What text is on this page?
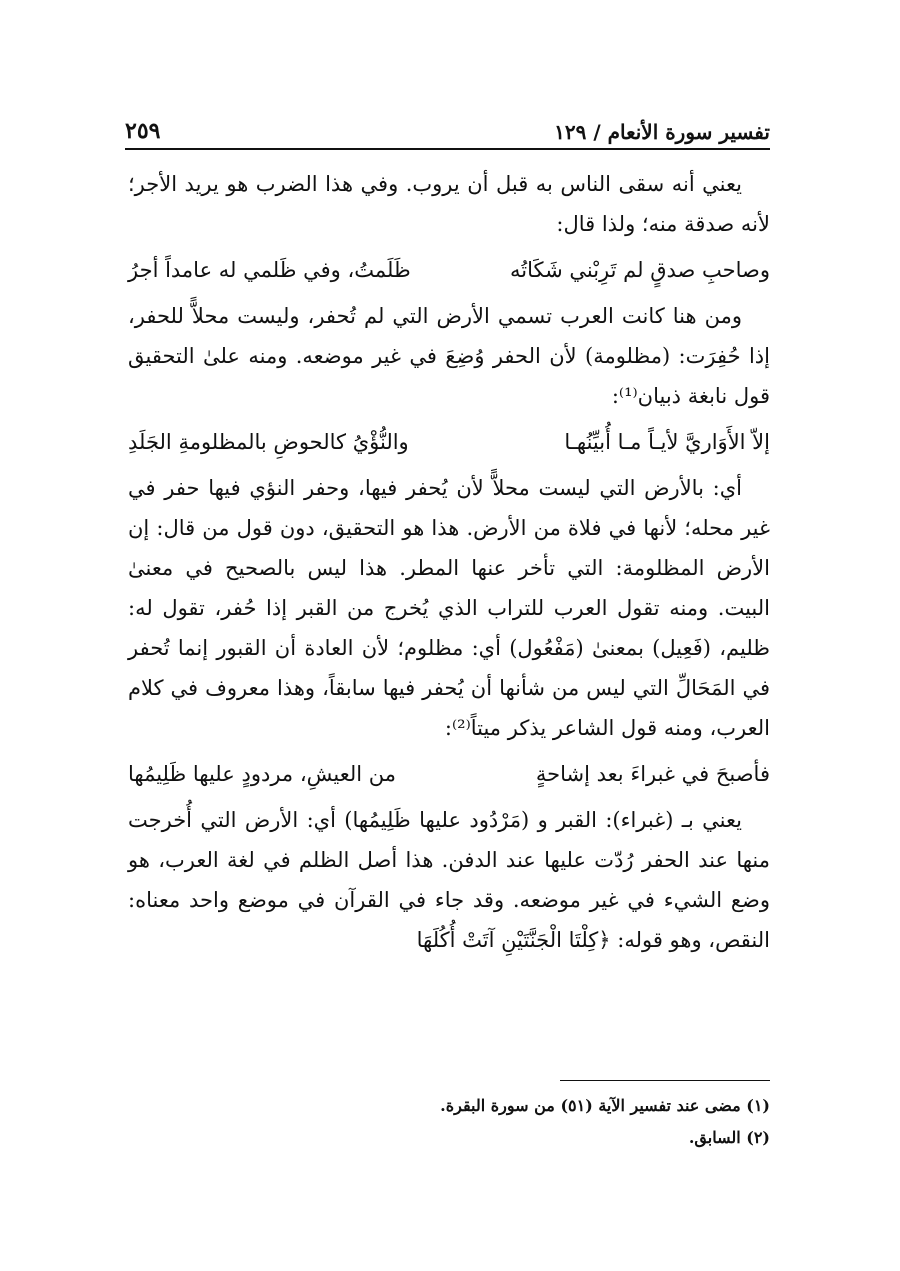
٢٥٩	تفسير سورة الأنعام / ١٢٩

يعني أنه سقى الناس به قبل أن يروب. وفي هذا الضرب هو يريد الأجر؛ لأنه صدقة منه؛ ولذا قال:

وصاحبِ صدقٍ لم تَرِبْني شَكَاتُه
ظَلَمتُ، وفي ظَلمي له عامداً أجرُ

ومن هنا كانت العرب تسمي الأرض التي لم تُحفر، وليست محلاًّ للحفر، إذا حُفِرَت: (مظلومة) لأن الحفر وُضِعَ في غير موضعه. ومنه علىٰ التحقيق قول نابغة ذبيان⁽¹⁾:

إلاّ الأَوَاريَّ لأيـاً مـا أُبيِّنُهـا
والنُّؤْيُ كالحوضِ بالمظلومةِ الجَلَدِ

أي: بالأرض التي ليست محلاًّ لأن يُحفر فيها، وحفر النؤي فيها حفر في غير محله؛ لأنها في فلاة من الأرض. هذا هو التحقيق، دون قول من قال: إن الأرض المظلومة: التي تأخر عنها المطر. هذا ليس بالصحيح في معنىٰ البيت. ومنه تقول العرب للتراب الذي يُخرج من القبر إذا حُفر، تقول له: ظليم، (فَعِيل) بمعنىٰ (مَفْعُول) أي: مظلوم؛ لأن العادة أن القبور إنما تُحفر في المَحَالِّ التي ليس من شأنها أن يُحفر فيها سابقاً، وهذا معروف في كلام العرب، ومنه قول الشاعر يذكر ميتاً⁽²⁾:

فأصبحَ في غبراءَ بعد إشاحةٍ
من العيشِ، مردودٍ عليها ظَلِيمُها

يعني بـ (غبراء): القبر و (مَرْدُود عليها ظَلِيمُها) أي: الأرض التي أُخرجت منها عند الحفر رُدّت عليها عند الدفن. هذا أصل الظلم في لغة العرب، هو وضع الشيء في غير موضعه. وقد جاء في القرآن في موضع واحد معناه: النقص، وهو قوله: ﴿كِلْتَا الْجَنَّتَيْنِ آتَتْ أُكُلَهَا

(١) مضى عند تفسير الآية (٥١) من سورة البقرة.
(٢) السابق.
